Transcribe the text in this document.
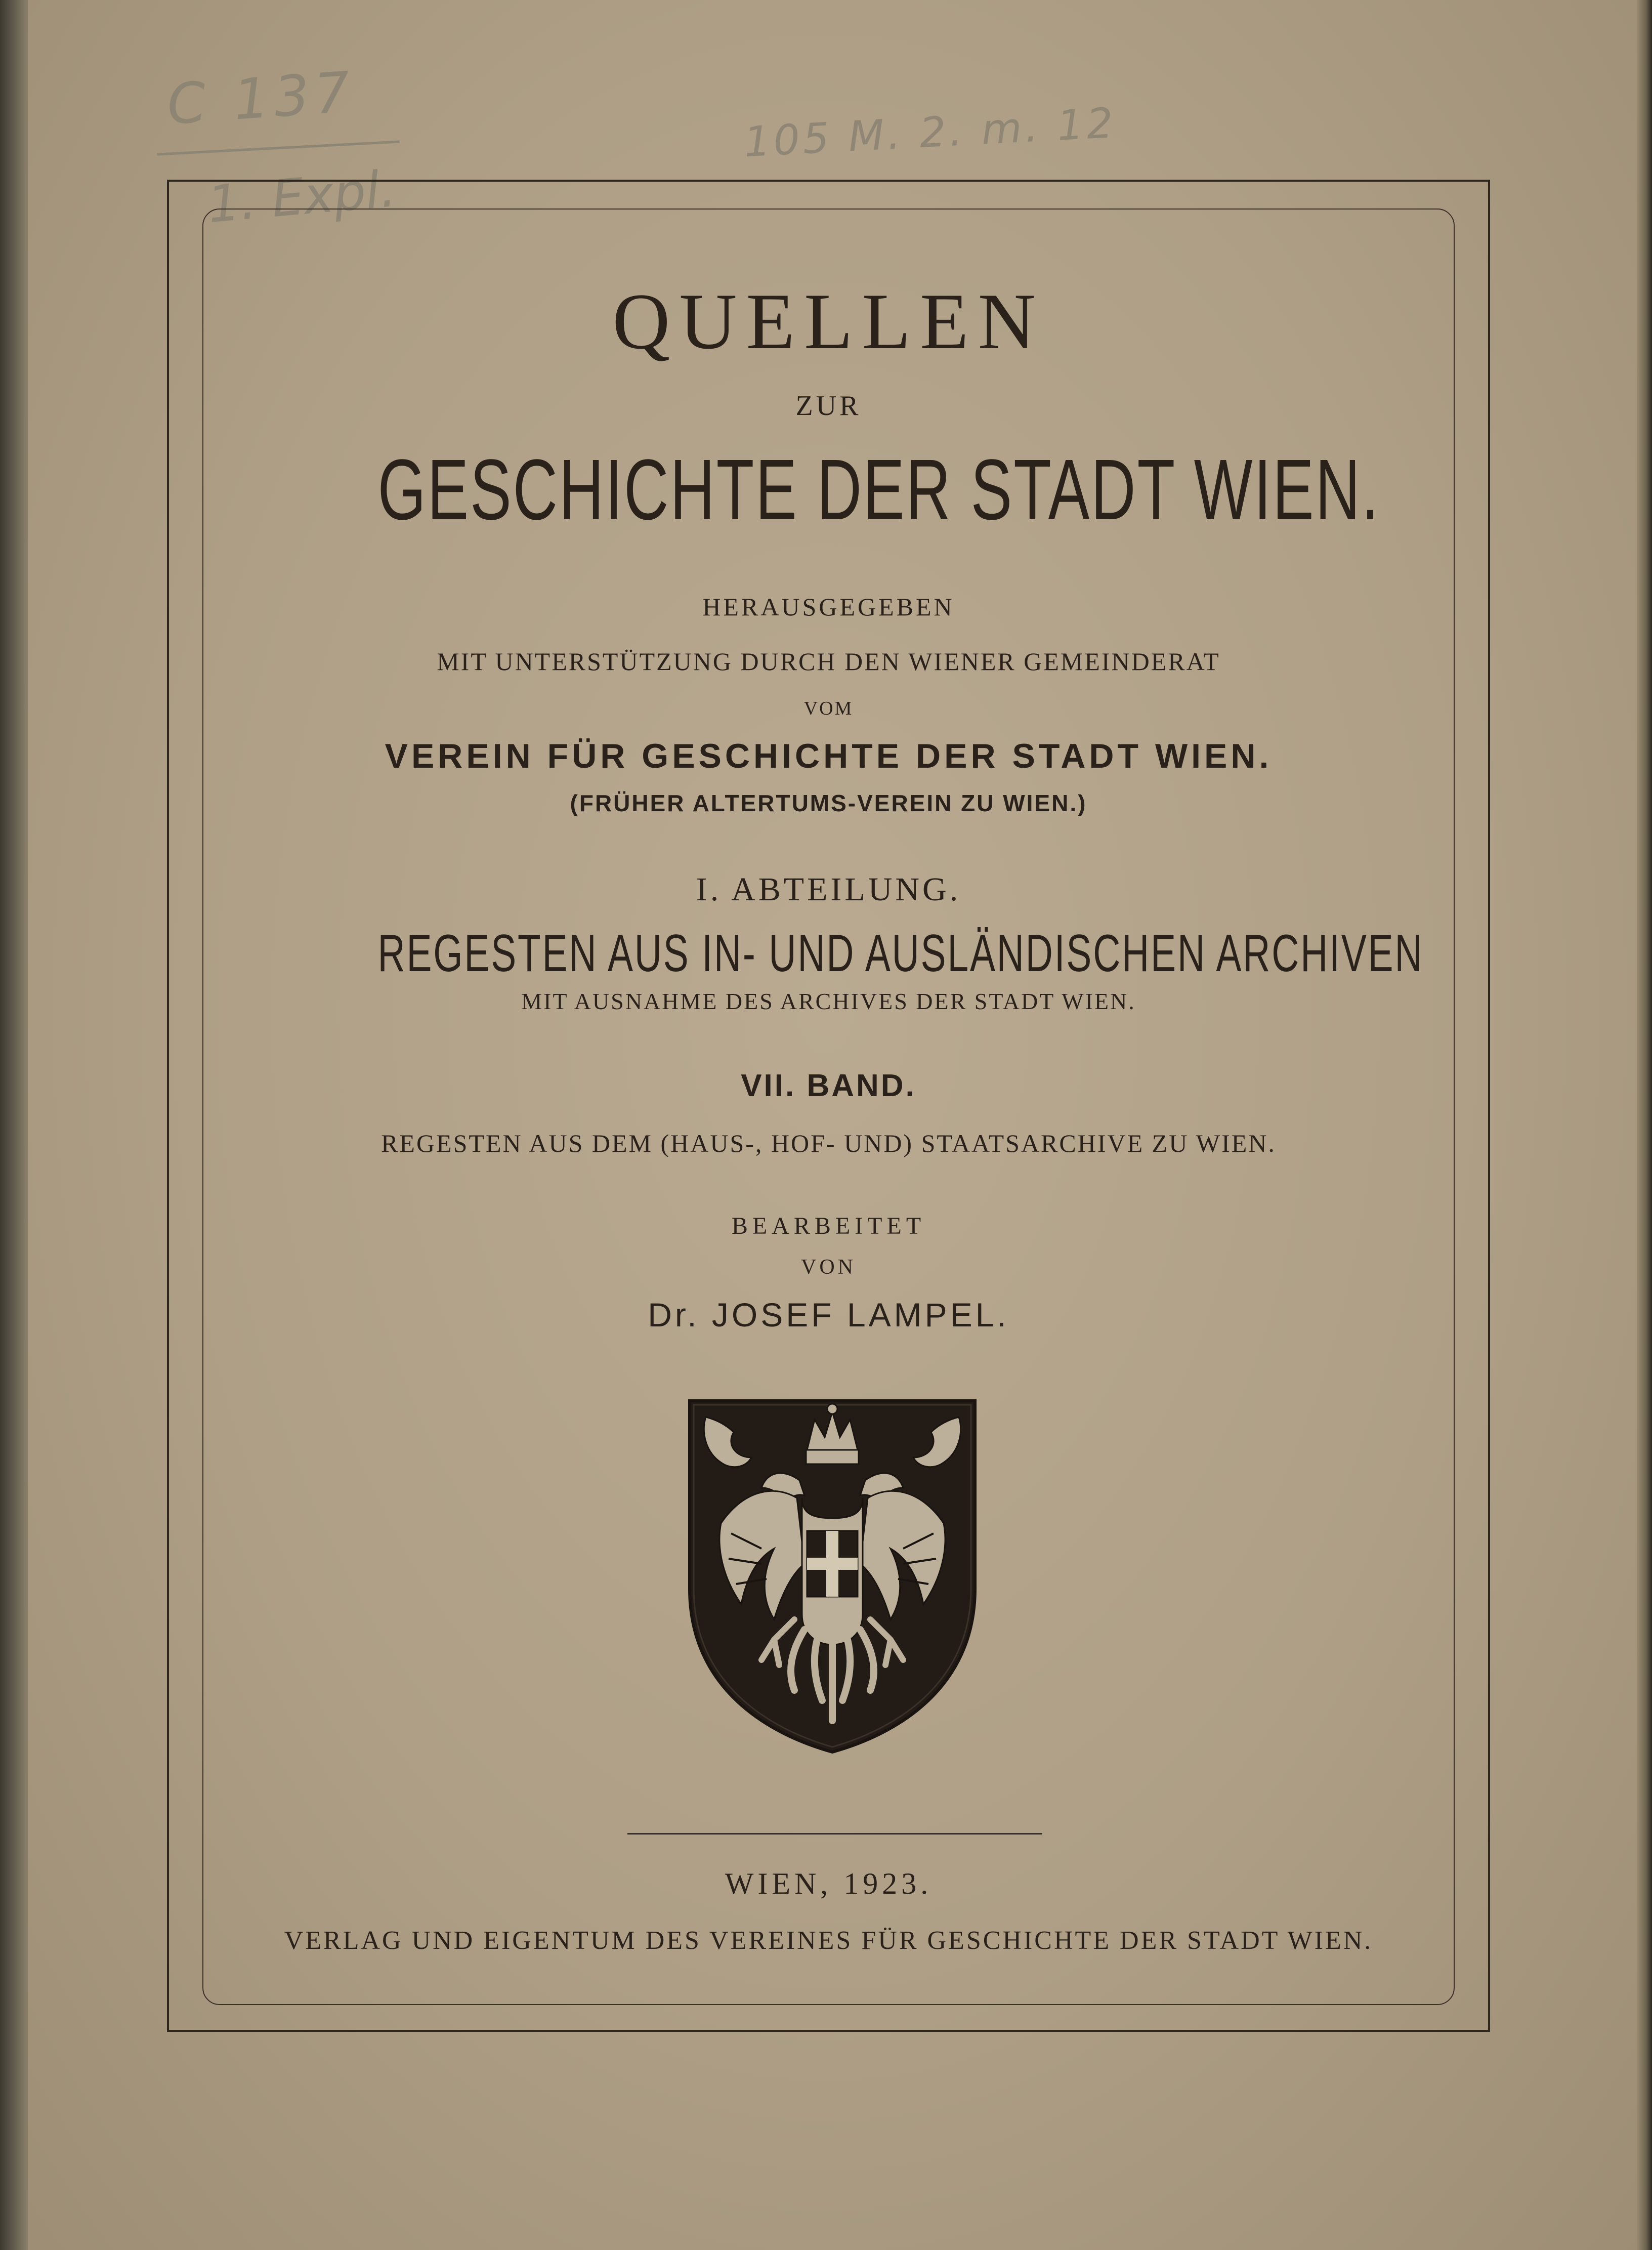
C 137
1. Expl.
105 M. 2. m. 12
QUELLEN
ZUR
GESCHICHTE DER STADT WIEN.
HERAUSGEGEBEN
MIT UNTERSTÜTZUNG DURCH DEN WIENER GEMEINDERAT
VOM
VEREIN FÜR GESCHICHTE DER STADT WIEN.
(FRÜHER ALTERTUMS-VEREIN ZU WIEN.)
I. ABTEILUNG.
REGESTEN AUS IN- UND AUSLÄNDISCHEN ARCHIVEN
MIT AUSNAHME DES ARCHIVES DER STADT WIEN.
VII. BAND.
REGESTEN AUS DEM (HAUS-, HOF- UND) STAATSARCHIVE ZU WIEN.
BEARBEITET
VON
Dr. JOSEF LAMPEL.
WIEN, 1923.
VERLAG UND EIGENTUM DES VEREINES FÜR GESCHICHTE DER STADT WIEN.
